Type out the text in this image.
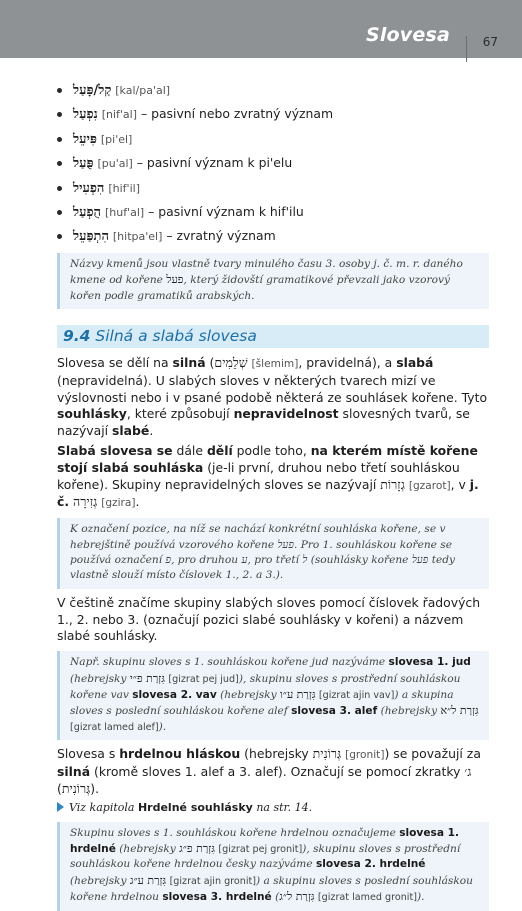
Slovesa	67
קַל/פָּעַל [kal/pa'al]
נִפְעַל [nif'al] – pasivní nebo zvratný význam
פִּיעֵל [pi'el]
פֻּעַל [pu'al] – pasivní význam k pi'elu
הִפְעִיל [hif'il]
הֻפְעַל [huf'al] – pasivní význam k hif'ilu
הִתְפַּעֵל [hitpa'el] – zvratný význam
Názvy kmenů jsou vlastně tvary minulého času 3. osoby j. č. m. r. daného kmene od kořene פעל, který židovští gramatikové převzali jako vzorový kořen podle gramatiků arabských.
9.4 Silná a slabá slovesa

Slovesa se dělí na silná (שְׁלֵמִים [šlemim], pravidelná), a slabá (nepravidelná). U slabých sloves v některých tvarech mizí ve výslovnosti nebo i v psané podobě některá ze souhlásek kořene. Tyto souhlásky, které způsobují nepravidelnost slovesných tvarů, se nazývají slabé.

Slabá slovesa se dále dělí podle toho, na kterém místě kořene stojí slabá souhláska (je-li první, druhou nebo třetí souhláskou kořene). Skupiny nepravidelných sloves se nazývají גְזָרוֹת [gzarot], v j. č. גְזִירָה [gzira].

K označení pozice, na níž se nachází konkrétní souhláska kořene, se v hebrejštině používá vzorového kořene פעל. Pro 1. souhláskou kořene se používá označení פ, pro druhou ע, pro třetí ל (souhlásky kořene פעל tedy vlastně slouží místo číslovek 1., 2. a 3.).

V češtině značíme skupiny slabých sloves pomocí číslovek řadových 1., 2. nebo 3. (označují pozici slabé souhlásky v kořeni) a názvem slabé souhlásky.

Např. skupinu sloves s 1. souhláskou kořene jud nazýváme slovesa 1. jud (hebrejsky גִּזְרַת פ״י [gizrat pej jud]), skupinu sloves s prostřední souhláskou kořene vav slovesa 2. vav (hebrejsky גִּזְרַת ע״ו [gizrat ajin vav]) a skupina sloves s poslední souhláskou kořene alef slovesa 3. alef (hebrejsky גִּזְרַת ל״א [gizrat lamed alef]).

Slovesa s hrdelnou hláskou (hebrejsky גְּרוֹנִית [gronit]) se považují za silná (kromě sloves 1. alef a 3. alef). Označují se pomocí zkratky ג׳ (גְּרוֹנִית).

Viz kapitola Hrdelné souhlásky na str. 14.
Skupinu sloves s 1. souhláskou kořene hrdelnou označujeme slovesa 1. hrdelné (hebrejsky גִּזְרַת פ״ג [gizrat pej gronit]), skupinu sloves s prostřední souhláskou kořene hrdelnou česky nazýváme slovesa 2. hrdelné (hebrejsky גִּזְרַת ע״ג [gizrat ajin gronit]) a skupinu sloves s poslední souhláskou kořene hrdelnou slovesa 3. hrdelné (גִּזְרַת ל״ג [gizrat lamed gronit]).
